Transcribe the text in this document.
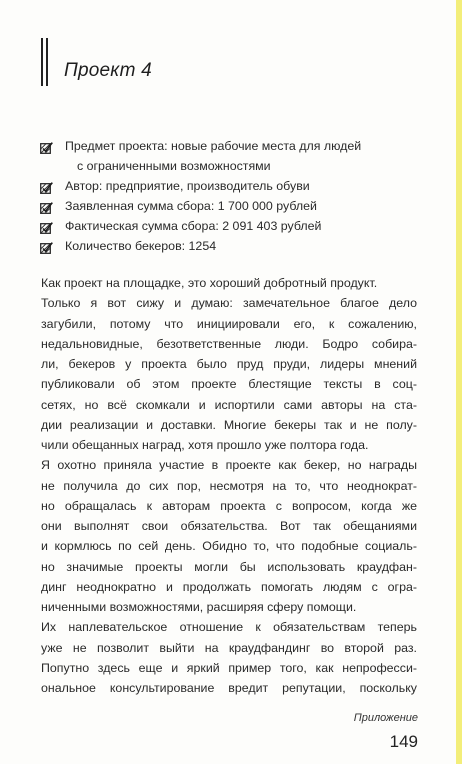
Проект 4
Предмет проекта: новые рабочие места для людей
с ограниченными возможностями
Автор: предприятие, производитель обуви
Заявленная сумма сбора: 1 700 000 рублей
Фактическая сумма сбора: 2 091 403 рублей
Количество бекеров: 1254
Как проект на площадке, это хороший добротный продукт.
Только я вот сижу и думаю: замечательное благое дело
загубили, потому что инициировали его, к сожалению,
недальновидные, безответственные люди. Бодро собира-
ли, бекеров у проекта было пруд пруди, лидеры мнений
публиковали об этом проекте блестящие тексты в соц-
сетях, но всё скомкали и испортили сами авторы на ста-
дии реализации и доставки. Многие бекеры так и не полу-
чили обещанных наград, хотя прошло уже полтора года.
Я охотно приняла участие в проекте как бекер, но награды
не получила до сих пор, несмотря на то, что неоднократ-
но обращалась к авторам проекта с вопросом, когда же
они выполнят свои обязательства. Вот так обещаниями
и кормлюсь по сей день. Обидно то, что подобные социаль-
но значимые проекты могли бы использовать краудфан-
динг неоднократно и продолжать помогать людям с огра-
ниченными возможностями, расширяя сферу помощи.
Их наплевательское отношение к обязательствам теперь
уже не позволит выйти на краудфандинг во второй раз.
Попутно здесь еще и яркий пример того, как непрофесси-
ональное консультирование вредит репутации, поскольку
Приложение
149
